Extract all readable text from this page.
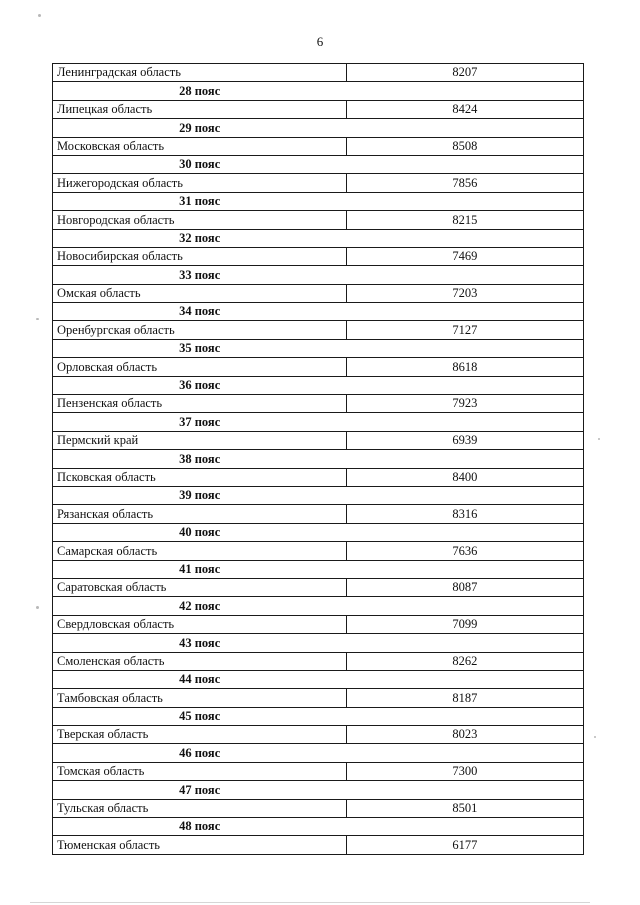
6
Ленинградская область	8207
28 пояс	
Липецкая область	8424
29 пояс	
Московская область	8508
30 пояс	
Нижегородская область	7856
31 пояс	
Новгородская область	8215
32 пояс	
Новосибирская область	7469
33 пояс	
Омская область	7203
34 пояс	
Оренбургская область	7127
35 пояс	
Орловская область	8618
36 пояс	
Пензенская область	7923
37 пояс	
Пермский край	6939
38 пояс	
Псковская область	8400
39 пояс	
Рязанская область	8316
40 пояс	
Самарская область	7636
41 пояс	
Саратовская область	8087
42 пояс	
Свердловская область	7099
43 пояс	
Смоленская область	8262
44 пояс	
Тамбовская область	8187
45 пояс	
Тверская область	8023
46 пояс	
Томская область	7300
47 пояс	
Тульская область	8501
48 пояс	
Тюменская область	6177
